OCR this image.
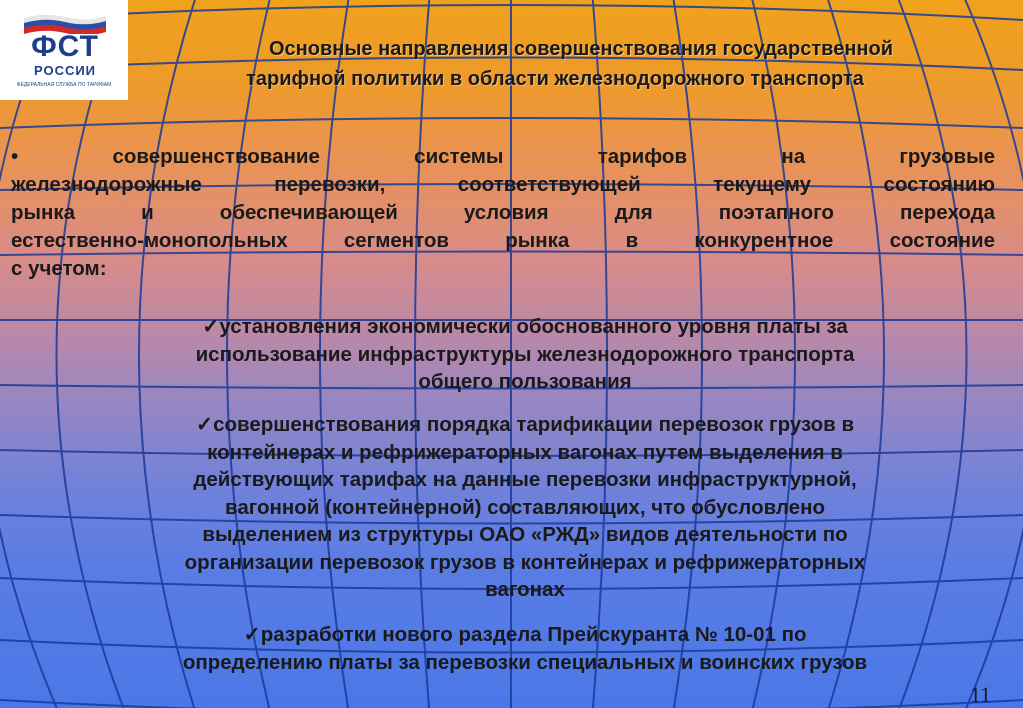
ФСТ
РОССИИ
ФЕДЕРАЛЬНАЯ СЛУЖБА ПО ТАРИФАМ
Основные направления совершенствования государственной
тарифной политики в области железнодорожного транспорта
•	совершенствование системы тарифов на грузовые
железнодорожные перевозки, соответствующей текущему состоянию
рынка и обеспечивающей условия для поэтапного перехода
естественно-монопольных сегментов рынка в конкурентное состояние
с учетом:
✓установления экономически обоснованного уровня платы за
использование инфраструктуры железнодорожного транспорта
общего пользования
✓совершенствования порядка тарификации перевозок грузов в
контейнерах и рефрижераторных вагонах путем выделения в
действующих тарифах на данные перевозки инфраструктурной,
вагонной (контейнерной) составляющих, что обусловлено
выделением из структуры ОАО «РЖД» видов деятельности по
организации перевозок грузов в контейнерах и рефрижераторных
вагонах
✓разработки нового раздела Прейскуранта № 10-01 по
определению платы за перевозки специальных и воинских грузов
11
